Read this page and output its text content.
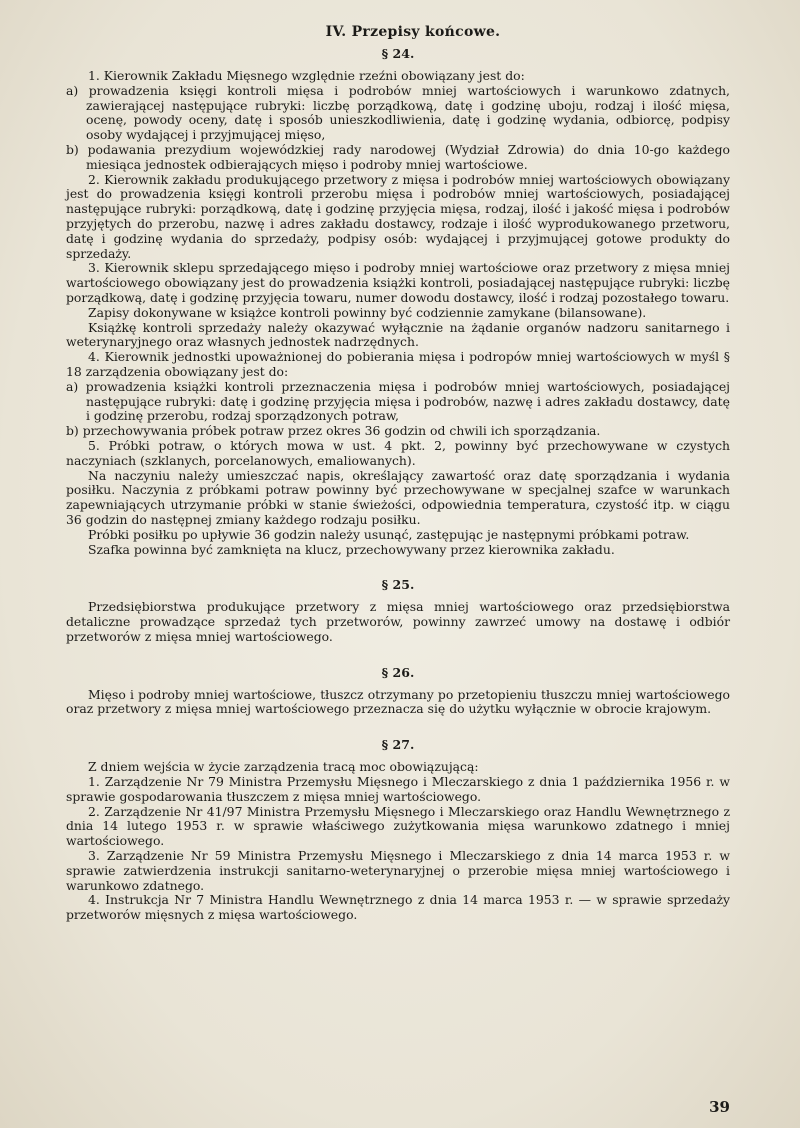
IV. Przepisy końcowe.
§ 24.

1. Kierownik Zakładu Mięsnego względnie rzeźni obowiązany jest do:

a) prowadzenia księgi kontroli mięsa i podrobów mniej wartościowych i warunkowo zdatnych, zawierającej następujące rubryki: liczbę porządkową, datę i godzinę uboju, rodzaj i ilość mięsa, ocenę, powody oceny, datę i sposób unieszkodliwienia, datę i godzinę wydania, odbiorcę, podpisy osoby wydającej i przyjmującej mięso,

b) podawania prezydium wojewódzkiej rady narodowej (Wydział Zdrowia) do dnia 10-go każdego miesiąca jednostek odbierających mięso i podroby mniej wartościowe.

2. Kierownik zakładu produkującego przetwory z mięsa i podrobów mniej wartościowych obowiązany jest do prowadzenia księgi kontroli przerobu mięsa i podrobów mniej wartościowych, posiadającej następujące rubryki: porządkową, datę i godzinę przyjęcia mięsa, rodzaj, ilość i jakość mięsa i podrobów przyjętych do przerobu, nazwę i adres zakładu dostawcy, rodzaje i ilość wyprodukowanego przetworu, datę i godzinę wydania do sprzedaży, podpisy osób: wydającej i przyjmującej gotowe produkty do sprzedaży.

3. Kierownik sklepu sprzedającego mięso i podroby mniej wartościowe oraz przetwory z mięsa mniej wartościowego obowiązany jest do prowadzenia książki kontroli, posiadającej następujące rubryki: liczbę porządkową, datę i godzinę przyjęcia towaru, numer dowodu dostawcy, ilość i rodzaj pozostałego towaru.

Zapisy dokonywane w książce kontroli powinny być codziennie zamykane (bilansowane).

Książkę kontroli sprzedaży należy okazywać wyłącznie na żądanie organów nadzoru sanitarnego i weterynaryjnego oraz własnych jednostek nadrzędnych.

4. Kierownik jednostki upoważnionej do pobierania mięsa i podropów mniej wartościowych w myśl § 18 zarządzenia obowiązany jest do:

a) prowadzenia książki kontroli przeznaczenia mięsa i podrobów mniej wartościowych, posiadającej następujące rubryki: datę i godzinę przyjęcia mięsa i podrobów, nazwę i adres zakładu dostawcy, datę i godzinę przerobu, rodzaj sporządzonych potraw,

b) przechowywania próbek potraw przez okres 36 godzin od chwili ich sporządzania.

5. Próbki potraw, o których mowa w ust. 4 pkt. 2, powinny być przechowywane w czystych naczyniach (szklanych, porcelanowych, emaliowanych).

Na naczyniu należy umieszczać napis, określający zawartość oraz datę sporządzania i wydania posiłku. Naczynia z próbkami potraw powinny być przechowywane w specjalnej szafce w warunkach zapewniających utrzymanie próbki w stanie świeżości, odpowiednia temperatura, czystość itp. w ciągu 36 godzin do następnej zmiany każdego rodzaju posiłku.

Próbki posiłku po upływie 36 godzin należy usunąć, zastępując je następnymi próbkami potraw.

Szafka powinna być zamknięta na klucz, przechowywany przez kierownika zakładu.

§ 25.

Przedsiębiorstwa produkujące przetwory z mięsa mniej wartościowego oraz przedsiębiorstwa detaliczne prowadzące sprzedaż tych przetworów, powinny zawrzeć umowy na dostawę i odbiór przetworów z mięsa mniej wartościowego.

§ 26.

Mięso i podroby mniej wartościowe, tłuszcz otrzymany po przetopieniu tłuszczu mniej wartościowego oraz przetwory z mięsa mniej wartościowego przeznacza się do użytku wyłącznie w obrocie krajowym.

§ 27.

Z dniem wejścia w życie zarządzenia tracą moc obowiązującą:

1. Zarządzenie Nr 79 Ministra Przemysłu Mięsnego i Mleczarskiego z dnia 1 października 1956 r. w sprawie gospodarowania tłuszczem z mięsa mniej wartościowego.

2. Zarządzenie Nr 41/97 Ministra Przemysłu Mięsnego i Mleczarskiego oraz Handlu Wewnętrznego z dnia 14 lutego 1953 r. w sprawie właściwego zużytkowania mięsa warunkowo zdatnego i mniej wartościowego.

3. Zarządzenie Nr 59 Ministra Przemysłu Mięsnego i Mleczarskiego z dnia 14 marca 1953 r. w sprawie zatwierdzenia instrukcji sanitarno-weterynaryjnej o przerobie mięsa mniej wartościowego i warunkowo zdatnego.

4. Instrukcja Nr 7 Ministra Handlu Wewnętrznego z dnia 14 marca 1953 r. — w sprawie sprzedaży przetworów mięsnych z mięsa wartościowego.

39
